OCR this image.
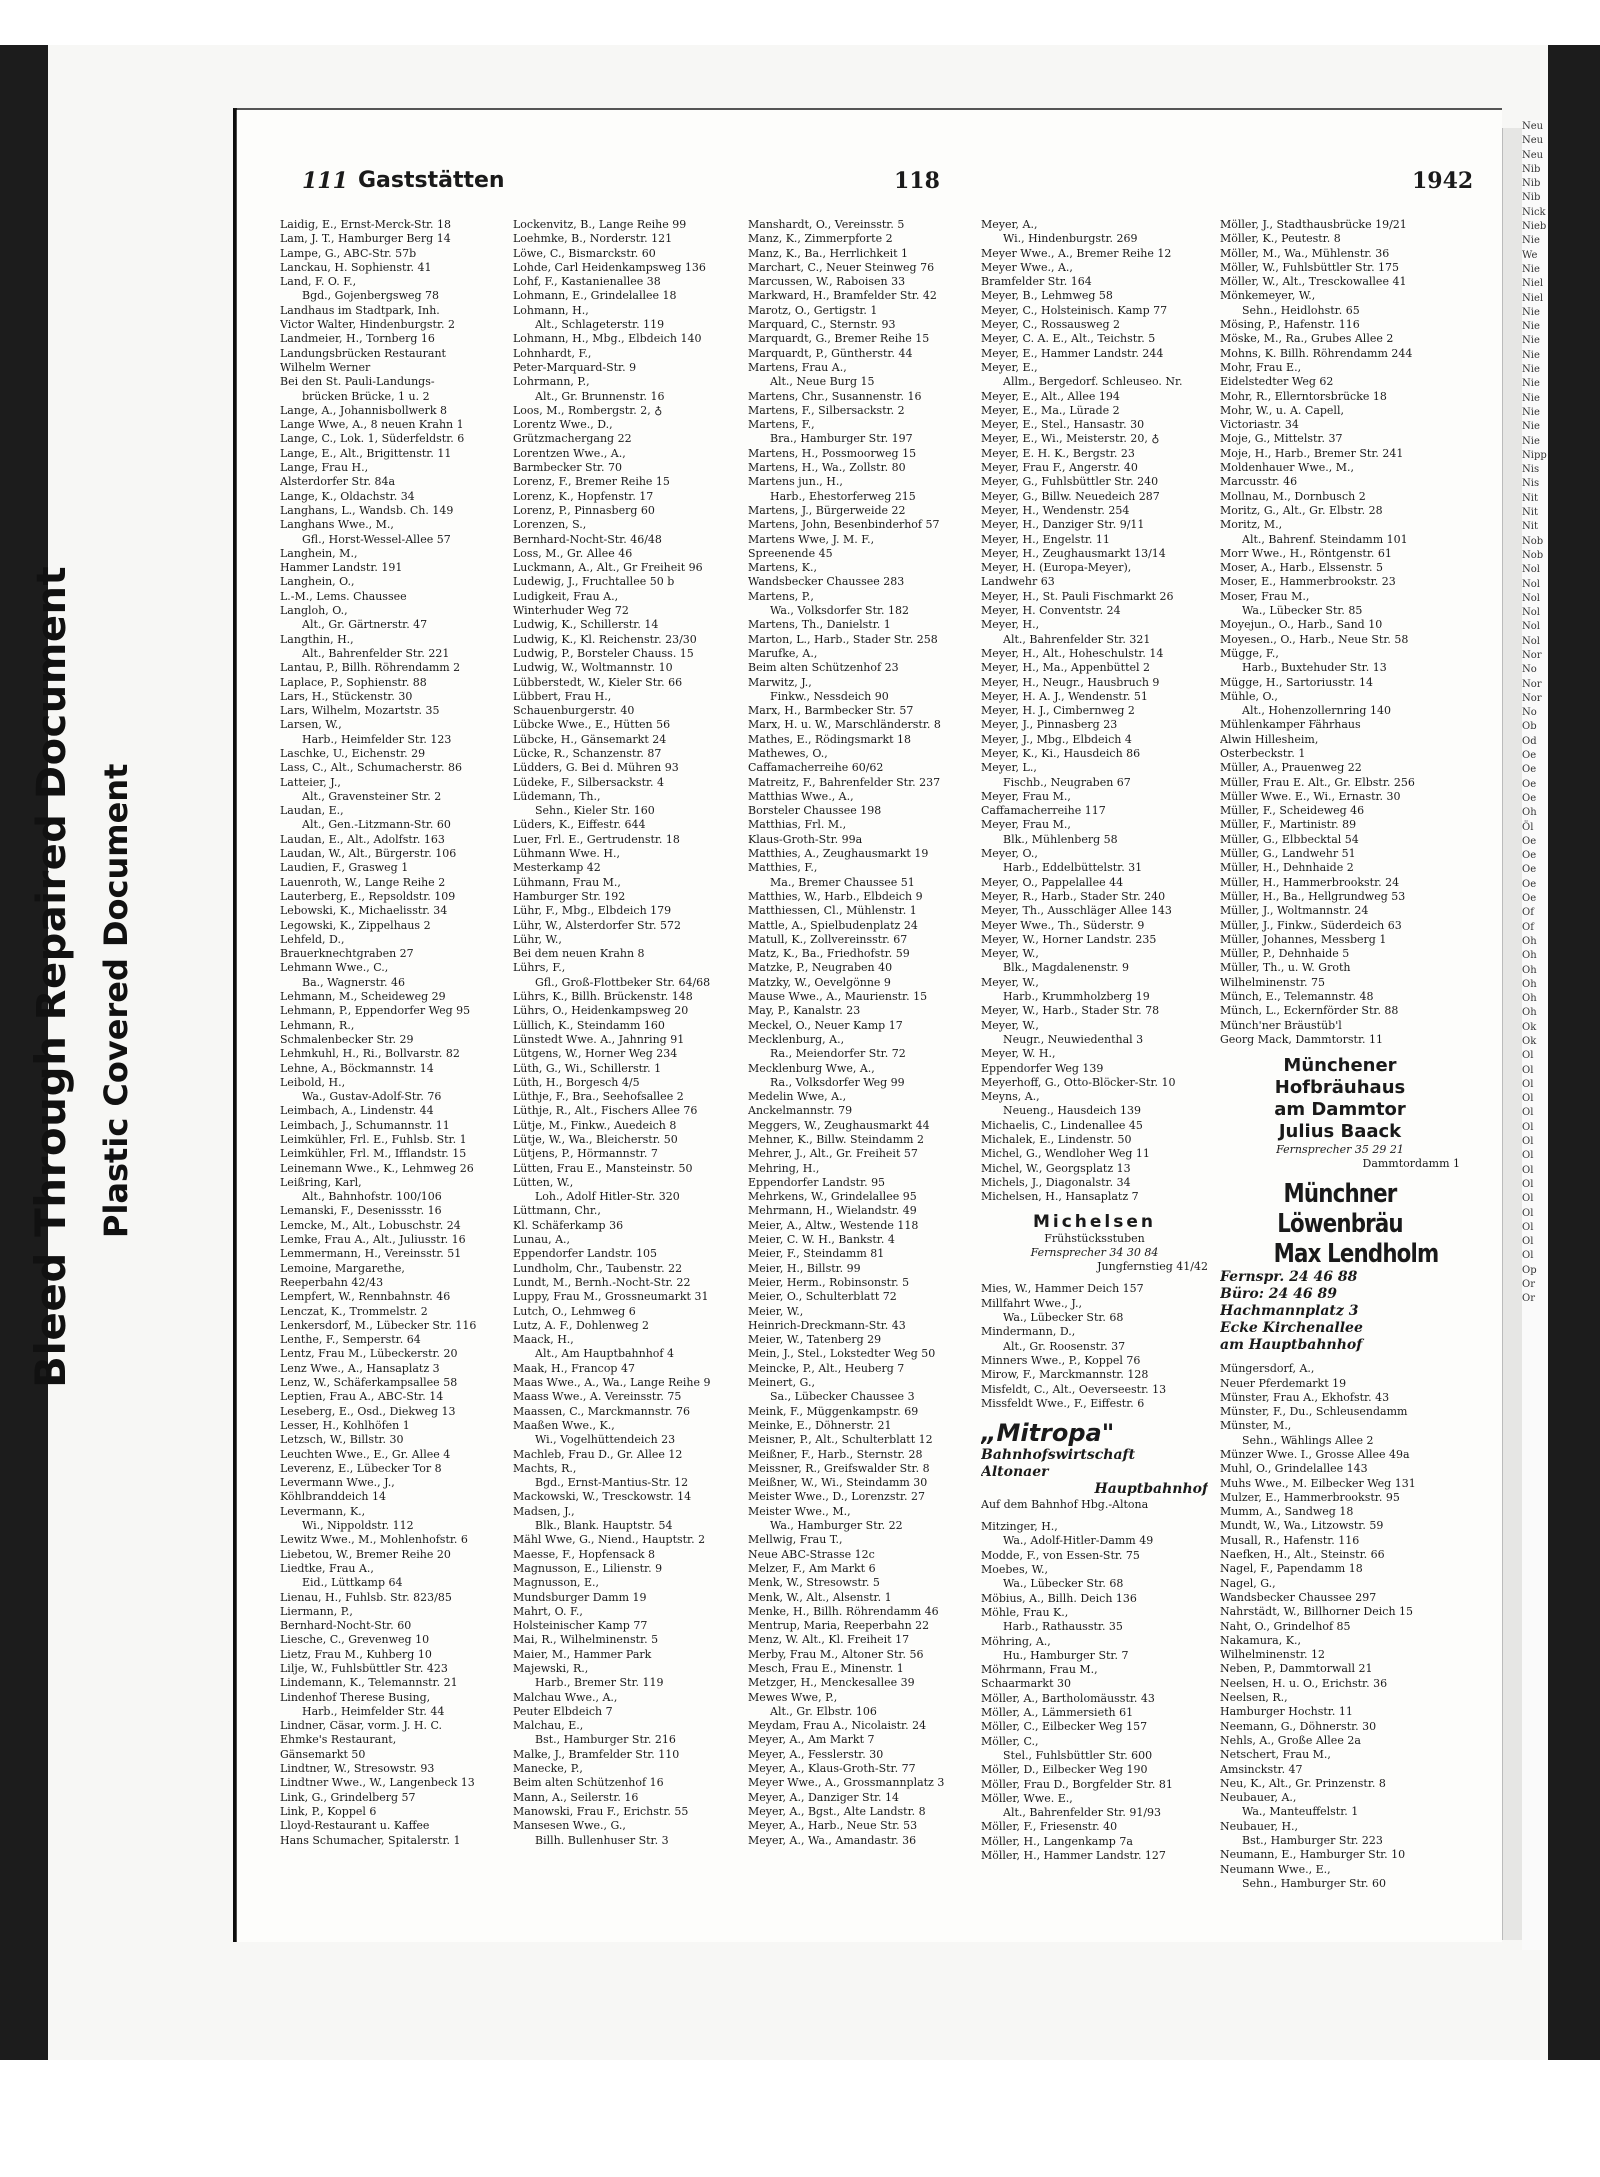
Bleed Through Repaired Document Plastic Covered Document
Neu
Neu
Neu
Nib
Nib
Nib
Nick
Nieb
Nie
We
Nie
Niel
Niel
Nie
Nie
Nie
Nie
Nie
Nie
Nie
Nie
Nie
Nie
Nipp
Nis
Nis
Nit
Nit
Nit
Nob
Nob
Nol
Nol
Nol
Nol
Nol
Nol
Nor
No
Nor
Nor
No
Ob
Od
Oe
Oe
Oe
Oe
Oh
Öl
Oe
Oe
Oe
Oe
Oe
Of
Of
Oh
Oh
Oh
Oh
Oh
Oh
Ok
Ok
Ol
Ol
Ol
Ol
Ol
Ol
Ol
Ol
Ol
Ol
Ol
Ol
Ol
Ol
Ol
Op
Or
Or
111 Gaststätten	118	1942
Laidig, E., Ernst-Merck-Str. 18
Lam, J. T., Hamburger Berg 14
Lampe, G., ABC-Str. 57b
Lanckau, H. Sophienstr. 41
Land, F. O. F.,
Bgd., Gojenbergsweg 78
Landhaus im Stadtpark, Inh.
Victor Walter, Hindenburgstr. 2
Landmeier, H., Tornberg 16
Landungsbrücken Restaurant
Wilhelm Werner
Bei den St. Pauli-Landungs-
brücken Brücke, 1 u. 2
Lange, A., Johannisbollwerk 8
Lange Wwe, A., 8 neuen Krahn 1
Lange, C., Lok. 1, Süderfeldstr. 6
Lange, E., Alt., Brigittenstr. 11
Lange, Frau H.,
Alsterdorfer Str. 84a
Lange, K., Oldachstr. 34
Langhans, L., Wandsb. Ch. 149
Langhans Wwe., M.,
Gfl., Horst-Wessel-Allee 57
Langhein, M.,
Hammer Landstr. 191
Langhein, O.,
L.-M., Lems. Chaussee
Langloh, O.,
Alt., Gr. Gärtnerstr. 47
Langthin, H.,
Alt., Bahrenfelder Str. 221
Lantau, P., Billh. Röhrendamm 2
Laplace, P., Sophienstr. 88
Lars, H., Stückenstr. 30
Lars, Wilhelm, Mozartstr. 35
Larsen, W.,
Harb., Heimfelder Str. 123
Laschke, U., Eichenstr. 29
Lass, C., Alt., Schumacherstr. 86
Latteier, J.,
Alt., Gravensteiner Str. 2
Laudan, E.,
Alt., Gen.-Litzmann-Str. 60
Laudan, E., Alt., Adolfstr. 163
Laudan, W., Alt., Bürgerstr. 106
Laudien, F., Grasweg 1
Lauenroth, W., Lange Reihe 2
Lauterberg, E., Repsoldstr. 109
Lebowski, K., Michaelisstr. 34
Legowski, K., Zippelhaus 2
Lehfeld, D.,
Brauerknechtgraben 27
Lehmann Wwe., C.,
Ba., Wagnerstr. 46
Lehmann, M., Scheideweg 29
Lehmann, P., Eppendorfer Weg 95
Lehmann, R.,
Schmalenbecker Str. 29
Lehmkuhl, H., Ri., Bollvarstr. 82
Lehne, A., Böckmannstr. 14
Leibold, H.,
Wa., Gustav-Adolf-Str. 76
Leimbach, A., Lindenstr. 44
Leimbach, J., Schumannstr. 11
Leimkühler, Frl. E., Fuhlsb. Str. 1
Leimkühler, Frl. M., Ifflandstr. 15
Leinemann Wwe., K., Lehmweg 26
Leißring, Karl,
Alt., Bahnhofstr. 100/106
Lemanski, F., Desenissstr. 16
Lemcke, M., Alt., Lobuschstr. 24
Lemke, Frau A., Alt., Juliusstr. 16
Lemmermann, H., Vereinsstr. 51
Lemoine, Margarethe,
Reeperbahn 42/43
Lempfert, W., Rennbahnstr. 46
Lenczat, K., Trommelstr. 2
Lenkersdorf, M., Lübecker Str. 116
Lenthe, F., Semperstr. 64
Lentz, Frau M., Lübeckerstr. 20
Lenz Wwe., A., Hansaplatz 3
Lenz, W., Schäferkampsallee 58
Leptien, Frau A., ABC-Str. 14
Leseberg, E., Osd., Diekweg 13
Lesser, H., Kohlhöfen 1
Letzsch, W., Billstr. 30
Leuchten Wwe., E., Gr. Allee 4
Leverenz, E., Lübecker Tor 8
Levermann Wwe., J.,
Köhlbranddeich 14
Levermann, K.,
Wi., Nippoldstr. 112
Lewitz Wwe., M., Mohlenhofstr. 6
Liebetou, W., Bremer Reihe 20
Liedtke, Frau A.,
Eid., Lüttkamp 64
Lienau, H., Fuhlsb. Str. 823/85
Liermann, P.,
Bernhard-Nocht-Str. 60
Liesche, C., Grevenweg 10
Lietz, Frau M., Kuhberg 10
Lilje, W., Fuhlsbüttler Str. 423
Lindemann, K., Telemannstr. 21
Lindenhof Therese Busing,
Harb., Heimfelder Str. 44
Lindner, Cäsar, vorm. J. H. C.
Ehmke's Restaurant,
Gänsemarkt 50
Lindtner, W., Stresowstr. 93
Lindtner Wwe., W., Langenbeck 13
Link, G., Grindelberg 57
Link, P., Koppel 6
Lloyd-Restaurant u. Kaffee
Hans Schumacher, Spitalerstr. 1
Lockenvitz, B., Lange Reihe 99
Loehmke, B., Norderstr. 121
Löwe, C., Bismarckstr. 60
Lohde, Carl Heidenkampsweg 136
Lohf, F., Kastanienallee 38
Lohmann, E., Grindelallee 18
Lohmann, H.,
Alt., Schlageterstr. 119
Lohmann, H., Mbg., Elbdeich 140
Lohnhardt, F.,
Peter-Marquard-Str. 9
Lohrmann, P.,
Alt., Gr. Brunnenstr. 16
Loos, M., Rombergstr. 2, ♁
Lorentz Wwe., D.,
Grützmachergang 22
Lorentzen Wwe., A.,
Barmbecker Str. 70
Lorenz, F., Bremer Reihe 15
Lorenz, K., Hopfenstr. 17
Lorenz, P., Pinnasberg 60
Lorenzen, S.,
Bernhard-Nocht-Str. 46/48
Loss, M., Gr. Allee 46
Luckmann, A., Alt., Gr Freiheit 96
Ludewig, J., Fruchtallee 50 b
Ludigkeit, Frau A.,
Winterhuder Weg 72
Ludwig, K., Schillerstr. 14
Ludwig, K., Kl. Reichenstr. 23/30
Ludwig, P., Borsteler Chauss. 15
Ludwig, W., Woltmannstr. 10
Lübberstedt, W., Kieler Str. 66
Lübbert, Frau H.,
Schauenburgerstr. 40
Lübcke Wwe., E., Hütten 56
Lübcke, H., Gänsemarkt 24
Lücke, R., Schanzenstr. 87
Lüdders, G. Bei d. Mühren 93
Lüdeke, F., Silbersackstr. 4
Lüdemann, Th.,
Sehn., Kieler Str. 160
Lüders, K., Eiffestr. 644
Luer, Frl. E., Gertrudenstr. 18
Lühmann Wwe. H.,
Mesterkamp 42
Lühmann, Frau M.,
Hamburger Str. 192
Lühr, F., Mbg., Elbdeich 179
Lühr, W., Alsterdorfer Str. 572
Lühr, W.,
Bei dem neuen Krahn 8
Lührs, F.,
Gfl., Groß-Flottbeker Str. 64/68
Lührs, K., Billh. Brückenstr. 148
Lührs, O., Heidenkampsweg 20
Lüllich, K., Steindamm 160
Lünstedt Wwe. A., Jahnring 91
Lütgens, W., Horner Weg 234
Lüth, G., Wi., Schillerstr. 1
Lüth, H., Borgesch 4/5
Lüthje, F., Bra., Seehofsallee 2
Lüthje, R., Alt., Fischers Allee 76
Lütje, M., Finkw., Auedeich 8
Lütje, W., Wa., Bleicherstr. 50
Lütjens, P., Hörmannstr. 7
Lütten, Frau E., Mansteinstr. 50
Lütten, W.,
Loh., Adolf Hitler-Str. 320
Lüttmann, Chr.,
Kl. Schäferkamp 36
Lunau, A.,
Eppendorfer Landstr. 105
Lundholm, Chr., Taubenstr. 22
Lundt, M., Bernh.-Nocht-Str. 22
Luppy, Frau M., Grossneumarkt 31
Lutch, O., Lehmweg 6
Lutz, A. F., Dohlenweg 2
Maack, H.,
Alt., Am Hauptbahnhof 4
Maak, H., Francop 47
Maas Wwe., A., Wa., Lange Reihe 9
Maass Wwe., A. Vereinsstr. 75
Maassen, C., Marckmannstr. 76
Maaßen Wwe., K.,
Wi., Vogelhüttendeich 23
Machleb, Frau D., Gr. Allee 12
Machts, R.,
Bgd., Ernst-Mantius-Str. 12
Mackowski, W., Tresckowstr. 14
Madsen, J.,
Blk., Blank. Hauptstr. 54
Mähl Wwe, G., Niend., Hauptstr. 2
Maesse, F., Hopfensack 8
Magnusson, E., Lilienstr. 9
Magnusson, E.,
Mundsburger Damm 19
Mahrt, O. F.,
Holsteinischer Kamp 77
Mai, R., Wilhelminenstr. 5
Maier, M., Hammer Park
Majewski, R.,
Harb., Bremer Str. 119
Malchau Wwe., A.,
Peuter Elbdeich 7
Malchau, E.,
Bst., Hamburger Str. 216
Malke, J., Bramfelder Str. 110
Manecke, P.,
Beim alten Schützenhof 16
Mann, A., Seilerstr. 16
Manowski, Frau F., Erichstr. 55
Mansesen Wwe., G.,
Billh. Bullenhuser Str. 3
Manshardt, O., Vereinsstr. 5
Manz, K., Zimmerpforte 2
Manz, K., Ba., Herrlichkeit 1
Marchart, C., Neuer Steinweg 76
Marcussen, W., Raboisen 33
Markward, H., Bramfelder Str. 42
Marotz, O., Gertigstr. 1
Marquard, C., Sternstr. 93
Marquardt, G., Bremer Reihe 15
Marquardt, P., Güntherstr. 44
Martens, Frau A.,
Alt., Neue Burg 15
Martens, Chr., Susannenstr. 16
Martens, F., Silbersackstr. 2
Martens, F.,
Bra., Hamburger Str. 197
Martens, H., Possmoorweg 15
Martens, H., Wa., Zollstr. 80
Martens jun., H.,
Harb., Ehestorferweg 215
Martens, J., Bürgerweide 22
Martens, John, Besenbinderhof 57
Martens Wwe, J. M. F.,
Spreenende 45
Martens, K.,
Wandsbecker Chaussee 283
Martens, P.,
Wa., Volksdorfer Str. 182
Martens, Th., Danielstr. 1
Marton, L., Harb., Stader Str. 258
Marufke, A.,
Beim alten Schützenhof 23
Marwitz, J.,
Finkw., Nessdeich 90
Marx, H., Barmbecker Str. 57
Marx, H. u. W., Marschländerstr. 8
Mathes, E., Rödingsmarkt 18
Mathewes, O.,
Caffamacherreihe 60/62
Matreitz, F., Bahrenfelder Str. 237
Matthias Wwe., A.,
Borsteler Chaussee 198
Matthias, Frl. M.,
Klaus-Groth-Str. 99a
Matthies, A., Zeughausmarkt 19
Matthies, F.,
Ma., Bremer Chaussee 51
Matthies, W., Harb., Elbdeich 9
Matthiessen, Cl., Mühlenstr. 1
Mattle, A., Spielbudenplatz 24
Matull, K., Zollvereinsstr. 67
Matz, K., Ba., Friedhofstr. 59
Matzke, P., Neugraben 40
Matzky, W., Oevelgönne 9
Mause Wwe., A., Maurienstr. 15
May, P., Kanalstr. 23
Meckel, O., Neuer Kamp 17
Mecklenburg, A.,
Ra., Meiendorfer Str. 72
Mecklenburg Wwe, A.,
Ra., Volksdorfer Weg 99
Medelin Wwe, A.,
Anckelmannstr. 79
Meggers, W., Zeughausmarkt 44
Mehner, K., Billw. Steindamm 2
Mehrer, J., Alt., Gr. Freiheit 57
Mehring, H.,
Eppendorfer Landstr. 95
Mehrkens, W., Grindelallee 95
Mehrmann, H., Wielandstr. 49
Meier, A., Altw., Westende 118
Meier, C. W. H., Bankstr. 4
Meier, F., Steindamm 81
Meier, H., Billstr. 99
Meier, Herm., Robinsonstr. 5
Meier, O., Schulterblatt 72
Meier, W.,
Heinrich-Dreckmann-Str. 43
Meier, W., Tatenberg 29
Mein, J., Stel., Lokstedter Weg 50
Meincke, P., Alt., Heuberg 7
Meinert, G.,
Sa., Lübecker Chaussee 3
Meink, F., Müggenkampstr. 69
Meinke, E., Döhnerstr. 21
Meisner, P., Alt., Schulterblatt 12
Meißner, F., Harb., Sternstr. 28
Meissner, R., Greifswalder Str. 8
Meißner, W., Wi., Steindamm 30
Meister Wwe., D., Lorenzstr. 27
Meister Wwe., M.,
Wa., Hamburger Str. 22
Mellwig, Frau T.,
Neue ABC-Strasse 12c
Melzer, F., Am Markt 6
Menk, W., Stresowstr. 5
Menk, W., Alt., Alsenstr. 1
Menke, H., Billh. Röhrendamm 46
Mentrup, Maria, Reeperbahn 22
Menz, W. Alt., Kl. Freiheit 17
Merby, Frau M., Altoner Str. 56
Mesch, Frau E., Minenstr. 1
Metzger, H., Menckesallee 39
Mewes Wwe, P.,
Alt., Gr. Elbstr. 106
Meydam, Frau A., Nicolaistr. 24
Meyer, A., Am Markt 7
Meyer, A., Fesslerstr. 30
Meyer, A., Klaus-Groth-Str. 77
Meyer Wwe., A., Grossmannplatz 3
Meyer, A., Danziger Str. 14
Meyer, A., Bgst., Alte Landstr. 8
Meyer, A., Harb., Neue Str. 53
Meyer, A., Wa., Amandastr. 36
Meyer, A.,
Wi., Hindenburgstr. 269
Meyer Wwe., A., Bremer Reihe 12
Meyer Wwe., A.,
Bramfelder Str. 164
Meyer, B., Lehmweg 58
Meyer, C., Holsteinisch. Kamp 77
Meyer, C., Rossausweg 2
Meyer, C. A. E., Alt., Teichstr. 5
Meyer, E., Hammer Landstr. 244
Meyer, E.,
Allm., Bergedorf. Schleuseo. Nr.
Meyer, E., Alt., Allee 194
Meyer, E., Ma., Lürade 2
Meyer, E., Stel., Hansastr. 30
Meyer, E., Wi., Meisterstr. 20, ♁
Meyer, E. H. K., Bergstr. 23
Meyer, Frau F., Angerstr. 40
Meyer, G., Fuhlsbüttler Str. 240
Meyer, G., Billw. Neuedeich 287
Meyer, H., Wendenstr. 254
Meyer, H., Danziger Str. 9/11
Meyer, H., Engelstr. 11
Meyer, H., Zeughausmarkt 13/14
Meyer, H. (Europa-Meyer),
Landwehr 63
Meyer, H., St. Pauli Fischmarkt 26
Meyer, H. Conventstr. 24
Meyer, H.,
Alt., Bahrenfelder Str. 321
Meyer, H., Alt., Hoheschulstr. 14
Meyer, H., Ma., Appenbüttel 2
Meyer, H., Neugr., Hausbruch 9
Meyer, H. A. J., Wendenstr. 51
Meyer, H. J., Cimbernweg 2
Meyer, J., Pinnasberg 23
Meyer, J., Mbg., Elbdeich 4
Meyer, K., Ki., Hausdeich 86
Meyer, L.,
Fischb., Neugraben 67
Meyer, Frau M.,
Caffamacherreihe 117
Meyer, Frau M.,
Blk., Mühlenberg 58
Meyer, O.,
Harb., Eddelbüttelstr. 31
Meyer, O., Pappelallee 44
Meyer, R., Harb., Stader Str. 240
Meyer, Th., Ausschläger Allee 143
Meyer Wwe., Th., Süderstr. 9
Meyer, W., Horner Landstr. 235
Meyer, W.,
Blk., Magdalenenstr. 9
Meyer, W.,
Harb., Krummholzberg 19
Meyer, W., Harb., Stader Str. 78
Meyer, W.,
Neugr., Neuwiedenthal 3
Meyer, W. H.,
Eppendorfer Weg 139
Meyerhoff, G., Otto-Blöcker-Str. 10
Meyns, A.,
Neueng., Hausdeich 139
Michaelis, C., Lindenallee 45
Michalek, E., Lindenstr. 50
Michel, G., Wendloher Weg 11
Michel, W., Georgsplatz 13
Michels, J., Diagonalstr. 34
Michelsen, H., Hansaplatz 7
Michelsen
Frühstücksstuben
Fernsprecher 34 30 84
Jungfernstieg 41/42
Mies, W., Hammer Deich 157
Millfahrt Wwe., J.,
Wa., Lübecker Str. 68
Mindermann, D.,
Alt., Gr. Roosenstr. 37
Minners Wwe., P., Koppel 76
Mirow, F., Marckmannstr. 128
Misfeldt, C., Alt., Oeverseestr. 13
Missfeldt Wwe., F., Eiffestr. 6
„Mitropa"
Bahnhofswirtschaft
Altonaer
Hauptbahnhof
Auf dem Bahnhof Hbg.-Altona
Mitzinger, H.,
Wa., Adolf-Hitler-Damm 49
Modde, F., von Essen-Str. 75
Moebes, W.,
Wa., Lübecker Str. 68
Möbius, A., Billh. Deich 136
Möhle, Frau K.,
Harb., Rathausstr. 35
Möhring, A.,
Hu., Hamburger Str. 7
Möhrmann, Frau M.,
Schaarmarkt 30
Möller, A., Bartholomäusstr. 43
Möller, A., Lämmersieth 61
Möller, C., Eilbecker Weg 157
Möller, C.,
Stel., Fuhlsbüttler Str. 600
Möller, D., Eilbecker Weg 190
Möller, Frau D., Borgfelder Str. 81
Möller, Wwe. E.,
Alt., Bahrenfelder Str. 91/93
Möller, F., Friesenstr. 40
Möller, H., Langenkamp 7a
Möller, H., Hammer Landstr. 127
Möller, J., Stadthausbrücke 19/21
Möller, K., Peutestr. 8
Möller, M., Wa., Mühlenstr. 36
Möller, W., Fuhlsbüttler Str. 175
Möller, W., Alt., Tresckowallee 41
Mönkemeyer, W.,
Sehn., Heidlohstr. 65
Mösing, P., Hafenstr. 116
Möske, M., Ra., Grubes Allee 2
Mohns, K. Billh. Röhrendamm 244
Mohr, Frau E.,
Eidelstedter Weg 62
Mohr, R., Ellerntorsbrücke 18
Mohr, W., u. A. Capell,
Victoriastr. 34
Moje, G., Mittelstr. 37
Moje, H., Harb., Bremer Str. 241
Moldenhauer Wwe., M.,
Marcusstr. 46
Mollnau, M., Dornbusch 2
Moritz, G., Alt., Gr. Elbstr. 28
Moritz, M.,
Alt., Bahrenf. Steindamm 101
Morr Wwe., H., Röntgenstr. 61
Moser, A., Harb., Elssenstr. 5
Moser, E., Hammerbrookstr. 23
Moser, Frau M.,
Wa., Lübecker Str. 85
Moyejun., O., Harb., Sand 10
Moyesen., O., Harb., Neue Str. 58
Mügge, F.,
Harb., Buxtehuder Str. 13
Mügge, H., Sartoriusstr. 14
Mühle, O.,
Alt., Hohenzollernring 140
Mühlenkamper Fährhaus
Alwin Hillesheim,
Osterbeckstr. 1
Müller, A., Prauenweg 22
Müller, Frau E. Alt., Gr. Elbstr. 256
Müller Wwe. E., Wi., Ernastr. 30
Müller, F., Scheideweg 46
Müller, F., Martinistr. 89
Müller, G., Elbbecktal 54
Müller, G., Landwehr 51
Müller, H., Dehnhaide 2
Müller, H., Hammerbrookstr. 24
Müller, H., Ba., Hellgrundweg 53
Müller, J., Woltmannstr. 24
Müller, J., Finkw., Süderdeich 63
Müller, Johannes, Messberg 1
Müller, P., Dehnhaide 5
Müller, Th., u. W. Groth
Wilhelminenstr. 75
Münch, E., Telemannstr. 48
Münch, L., Eckernförder Str. 88
Münch'ner Bräustüb'l
Georg Mack, Dammtorstr. 11
Münchener
Hofbräuhaus
am Dammtor
Julius Baack
Fernsprecher 35 29 21
Dammtordamm 1
Münchner Löwenbräu
Max Lendholm
Fernspr. 24 46 88
Büro: 24 46 89
Hachmannplatz 3
Ecke Kirchenallee
am Hauptbahnhof
Müngersdorf, A.,
Neuer Pferdemarkt 19
Münster, Frau A., Ekhofstr. 43
Münster, F., Du., Schleusendamm
Münster, M.,
Sehn., Wählings Allee 2
Münzer Wwe. I., Grosse Allee 49a
Muhl, O., Grindelallee 143
Muhs Wwe., M. Eilbecker Weg 131
Mulzer, E., Hammerbrookstr. 95
Mumm, A., Sandweg 18
Mundt, W., Wa., Litzowstr. 59
Musall, R., Hafenstr. 116
Naefken, H., Alt., Steinstr. 66
Nagel, F., Papendamm 18
Nagel, G.,
Wandsbecker Chaussee 297
Nahrstädt, W., Billhorner Deich 15
Naht, O., Grindelhof 85
Nakamura, K.,
Wilhelminenstr. 12
Neben, P., Dammtorwall 21
Neelsen, H. u. O., Erichstr. 36
Neelsen, R.,
Hamburger Hochstr. 11
Neemann, G., Döhnerstr. 30
Nehls, A., Große Allee 2a
Netschert, Frau M.,
Amsinckstr. 47
Neu, K., Alt., Gr. Prinzenstr. 8
Neubauer, A.,
Wa., Manteuffelstr. 1
Neubauer, H.,
Bst., Hamburger Str. 223
Neumann, E., Hamburger Str. 10
Neumann Wwe., E.,
Sehn., Hamburger Str. 60
